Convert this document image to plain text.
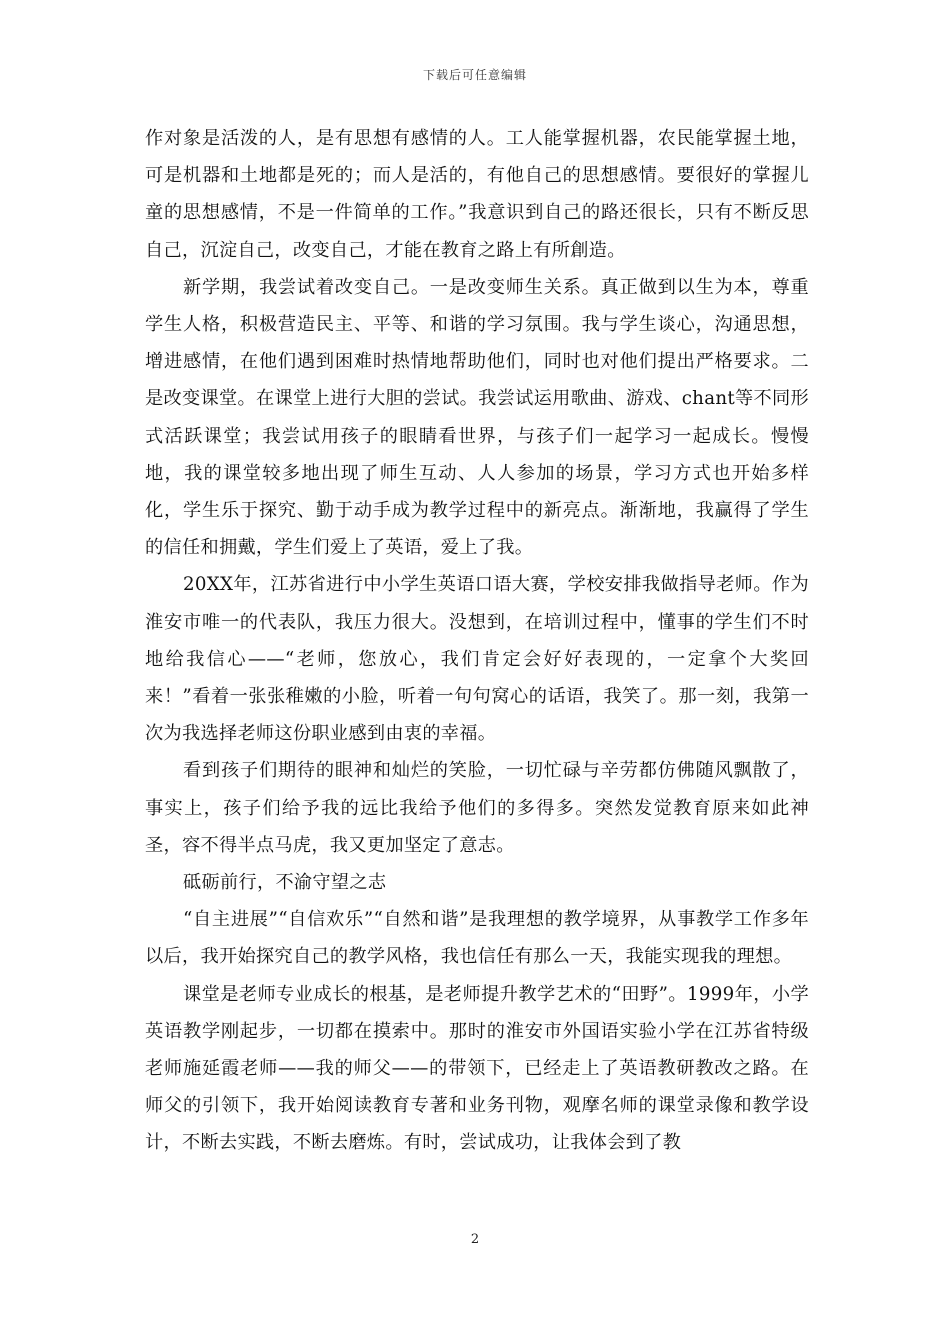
下载后可任意编辑

作对象是活泼的人，是有思想有感情的人。工人能掌握机器，农民能掌握土地，可是机器和土地都是死的；而人是活的，有他自己的思想感情。要很好的掌握儿童的思想感情，不是一件简单的工作。”我意识到自己的路还很长，只有不断反思自己，沉淀自己，改变自己，才能在教育之路上有所創造。

新学期，我尝试着改变自己。一是改变师生关系。真正做到以生为本，尊重学生人格，积极营造民主、平等、和谐的学习氛围。我与学生谈心，沟通思想，增进感情，在他们遇到困难时热情地帮助他们，同时也对他们提出严格要求。二是改变课堂。在课堂上进行大胆的尝试。我尝试运用歌曲、游戏、chant等不同形式活跃课堂；我尝试用孩子的眼睛看世界，与孩子们一起学习一起成长。慢慢地，我的课堂较多地出现了师生互动、人人参加的场景，学习方式也开始多样化，学生乐于探究、勤于动手成为教学过程中的新亮点。渐渐地，我赢得了学生的信任和拥戴，学生们爱上了英语，爱上了我。

20XX年，江苏省进行中小学生英语口语大赛，学校安排我做指导老师。作为淮安市唯一的代表队，我压力很大。没想到，在培训过程中，懂事的学生们不时地给我信心——“老师，您放心，我们肯定会好好表现的，一定拿个大奖回来！”看着一张张稚嫩的小脸，听着一句句窝心的话语，我笑了。那一刻，我第一次为我选择老师这份职业感到由衷的幸福。

看到孩子们期待的眼神和灿烂的笑脸，一切忙碌与辛劳都仿佛随风飘散了，事实上，孩子们给予我的远比我给予他们的多得多。突然发觉教育原来如此神圣，容不得半点马虎，我又更加坚定了意志。

砥砺前行，不渝守望之志

“自主进展”“自信欢乐”“自然和谐”是我理想的教学境界，从事教学工作多年以后，我开始探究自己的教学风格，我也信任有那么一天，我能实现我的理想。

课堂是老师专业成长的根基，是老师提升教学艺术的“田野”。1999年，小学英语教学刚起步，一切都在摸索中。那时的淮安市外国语实验小学在江苏省特级老师施延霞老师——我的师父——的带领下，已经走上了英语教研教改之路。在师父的引领下，我开始阅读教育专著和业务刊物，观摩名师的课堂录像和教学设计，不断去实践，不断去磨炼。有时，尝试成功，让我体会到了教

2
